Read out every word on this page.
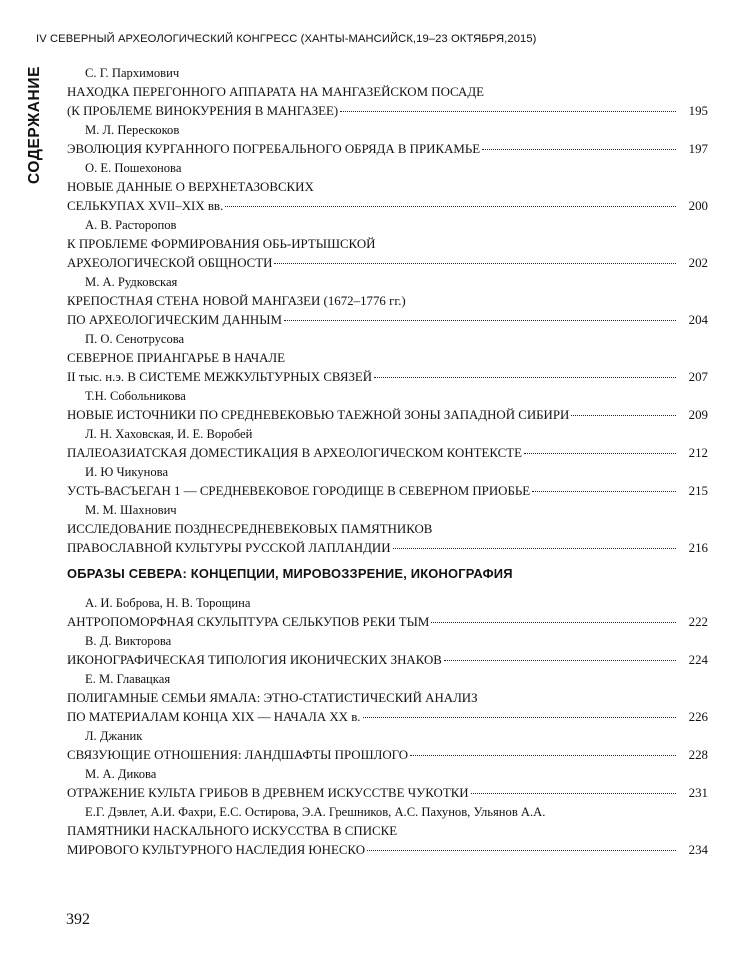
IV СЕВЕРНЫЙ АРХЕОЛОГИЧЕСКИЙ КОНГРЕСС (ХАНТЫ-МАНСИЙСК,19–23 ОКТЯБРЯ,2015)
СОДЕРЖАНИЕ	С. Г. Пархимович
НАХОДКА ПЕРЕГОННОГО АППАРАТА НА МАНГАЗЕЙСКОМ ПОСАДЕ
(К ПРОБЛЕМЕ ВИНОКУРЕНИЯ В МАНГАЗЕЕ)	195
М. Л. Перескоков
ЭВОЛЮЦИЯ КУРГАННОГО ПОГРЕБАЛЬНОГО ОБРЯДА В ПРИКАМЬЕ	197
О. Е. Пошехонова
НОВЫЕ ДАННЫЕ О ВЕРХНЕТАЗОВСКИХ
СЕЛЬКУПАХ XVII–XIX вв.	200
А. В. Расторопов
К ПРОБЛЕМЕ ФОРМИРОВАНИЯ ОБЬ-ИРТЫШСКОЙ
АРХЕОЛОГИЧЕСКОЙ ОБЩНОСТИ	202
М. А. Рудковская
КРЕПОСТНАЯ СТЕНА НОВОЙ МАНГАЗЕИ (1672–1776 гг.)
ПО АРХЕОЛОГИЧЕСКИМ ДАННЫМ	204
П. О. Сенотрусова
СЕВЕРНОЕ ПРИАНГАРЬЕ В НАЧАЛЕ
II тыс. н.э. В СИСТЕМЕ МЕЖКУЛЬТУРНЫХ СВЯЗЕЙ	207
Т.Н. Собольникова
НОВЫЕ ИСТОЧНИКИ ПО СРЕДНЕВЕКОВЬЮ ТАЕЖНОЙ ЗОНЫ ЗАПАДНОЙ СИБИРИ	209
Л. Н. Хаховская, И. Е. Воробей
ПАЛЕОАЗИАТСКАЯ ДОМЕСТИКАЦИЯ В АРХЕОЛОГИЧЕСКОМ КОНТЕКСТЕ	212
И. Ю Чикунова
УСТЬ-ВАСЪЕГАН 1 — СРЕДНЕВЕКОВОЕ ГОРОДИЩЕ В СЕВЕРНОМ ПРИОБЬЕ	215
М. М. Шахнович
ИССЛЕДОВАНИЕ ПОЗДНЕСРЕДНЕВЕКОВЫХ ПАМЯТНИКОВ
ПРАВОСЛАВНОЙ КУЛЬТУРЫ РУССКОЙ ЛАПЛАНДИИ	216
ОБРАЗЫ СЕВЕРА: КОНЦЕПЦИИ, МИРОВОЗЗРЕНИЕ, ИКОНОГРАФИЯ
А. И. Боброва, Н. В. Торощина
АНТРОПОМОРФНАЯ СКУЛЬПТУРА СЕЛЬКУПОВ РЕКИ ТЫМ	222
В. Д. Викторова
ИКОНОГРАФИЧЕСКАЯ ТИПОЛОГИЯ ИКОНИЧЕСКИХ ЗНАКОВ	224
Е. М. Главацкая
ПОЛИГАМНЫЕ СЕМЬИ ЯМАЛА: ЭТНО-СТАТИСТИЧЕСКИЙ АНАЛИЗ
ПО МАТЕРИАЛАМ КОНЦА XIX — НАЧАЛА XX в.	226
Л. Джаник
СВЯЗУЮЩИЕ ОТНОШЕНИЯ: ЛАНДШАФТЫ ПРОШЛОГО	228
М. А. Дикова
ОТРАЖЕНИЕ КУЛЬТА ГРИБОВ В ДРЕВНЕМ ИСКУССТВЕ ЧУКОТКИ	231
Е.Г. Дэвлет, А.И. Фахри, Е.С. Остирова, Э.А. Грешников, А.С. Пахунов, Ульянов А.А.
ПАМЯТНИКИ НАСКАЛЬНОГО ИСКУССТВА В СПИСКЕ
МИРОВОГО КУЛЬТУРНОГО НАСЛЕДИЯ ЮНЕСКО	234
392
